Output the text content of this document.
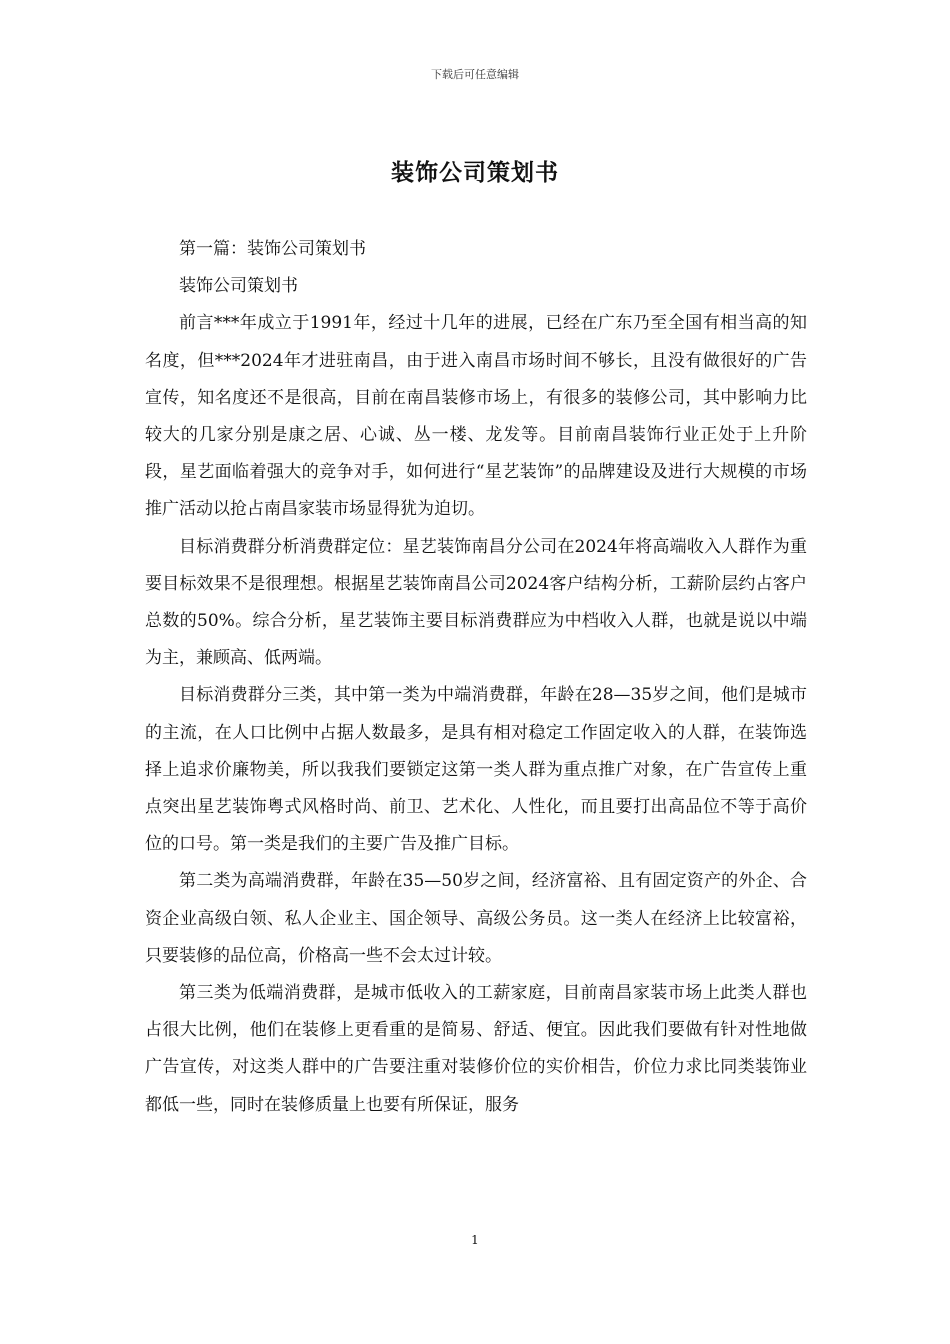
下载后可任意编辑
装饰公司策划书

第一篇：装饰公司策划书

装饰公司策划书

前言***年成立于1991年，经过十几年的进展，已经在广东乃至全国有相当高的知名度，但***2024年才进驻南昌，由于进入南昌市场时间不够长，且没有做很好的广告宣传，知名度还不是很高，目前在南昌装修市场上，有很多的装修公司，其中影响力比较大的几家分别是康之居、心诚、丛一楼、龙发等。目前南昌装饰行业正处于上升阶段，星艺面临着强大的竞争对手，如何进行“星艺装饰”的品牌建设及进行大规模的市场推广活动以抢占南昌家装市场显得犹为迫切。

目标消费群分析消费群定位：星艺装饰南昌分公司在2024年将高端收入人群作为重要目标效果不是很理想。根据星艺装饰南昌公司2024客户结构分析，工薪阶层约占客户总数的50%。综合分析，星艺装饰主要目标消费群应为中档收入人群，也就是说以中端为主，兼顾高、低两端。

目标消费群分三类，其中第一类为中端消费群，年龄在28—35岁之间，他们是城市的主流，在人口比例中占据人数最多，是具有相对稳定工作固定收入的人群，在装饰选择上追求价廉物美，所以我我们要锁定这第一类人群为重点推广对象，在广告宣传上重点突出星艺装饰粤式风格时尚、前卫、艺术化、人性化，而且要打出高品位不等于高价位的口号。第一类是我们的主要广告及推广目标。

第二类为高端消费群，年龄在35—50岁之间，经济富裕、且有固定资产的外企、合资企业高级白领、私人企业主、国企领导、高级公务员。这一类人在经济上比较富裕，只要装修的品位高，价格高一些不会太过计较。

第三类为低端消费群，是城市低收入的工薪家庭，目前南昌家装市场上此类人群也占很大比例，他们在装修上更看重的是简易、舒适、便宜。因此我们要做有针对性地做广告宣传，对这类人群中的广告要注重对装修价位的实价相告，价位力求比同类装饰业都低一些，同时在装修质量上也要有所保证，服务

1
